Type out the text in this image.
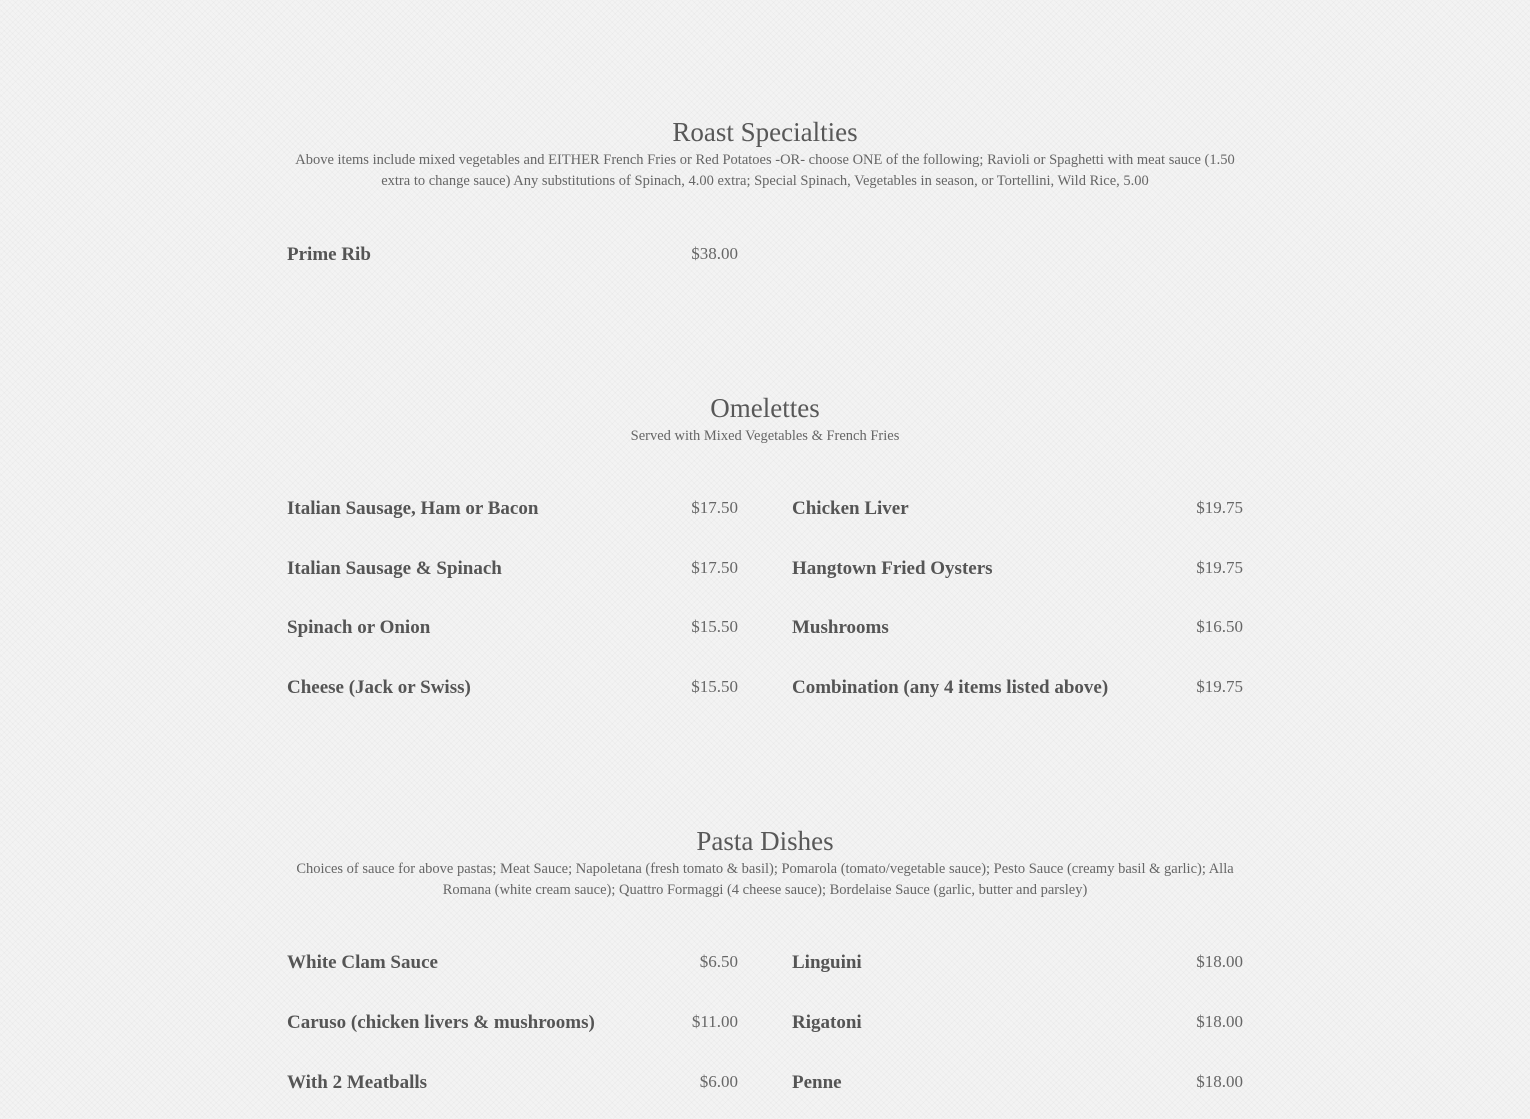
Roast Specialties

Above items include mixed vegetables and EITHER French Fries or Red Potatoes -OR- choose ONE of the following; Ravioli or Spaghetti with meat sauce (1.50 extra to change sauce) Any substitutions of Spinach, 4.00 extra; Special Spinach, Vegetables in season, or Tortellini, Wild Rice, 5.00

Prime Rib	$38.00
Omelettes

Served with Mixed Vegetables & French Fries

Italian Sausage, Ham or Bacon	$17.50	Chicken Liver	$19.75
Italian Sausage & Spinach	$17.50	Hangtown Fried Oysters	$19.75
Spinach or Onion	$15.50	Mushrooms	$16.50
Cheese (Jack or Swiss)	$15.50	Combination (any 4 items listed above)	$19.75
Pasta Dishes

Choices of sauce for above pastas; Meat Sauce; Napoletana (fresh tomato & basil); Pomarola (tomato/vegetable sauce); Pesto Sauce (creamy basil & garlic); Alla Romana (white cream sauce); Quattro Formaggi (4 cheese sauce); Bordelaise Sauce (garlic, butter and parsley)

White Clam Sauce	$6.50	Linguini	$18.00
Caruso (chicken livers & mushrooms)	$11.00	Rigatoni	$18.00
With 2 Meatballs	$6.00	Penne	$18.00
